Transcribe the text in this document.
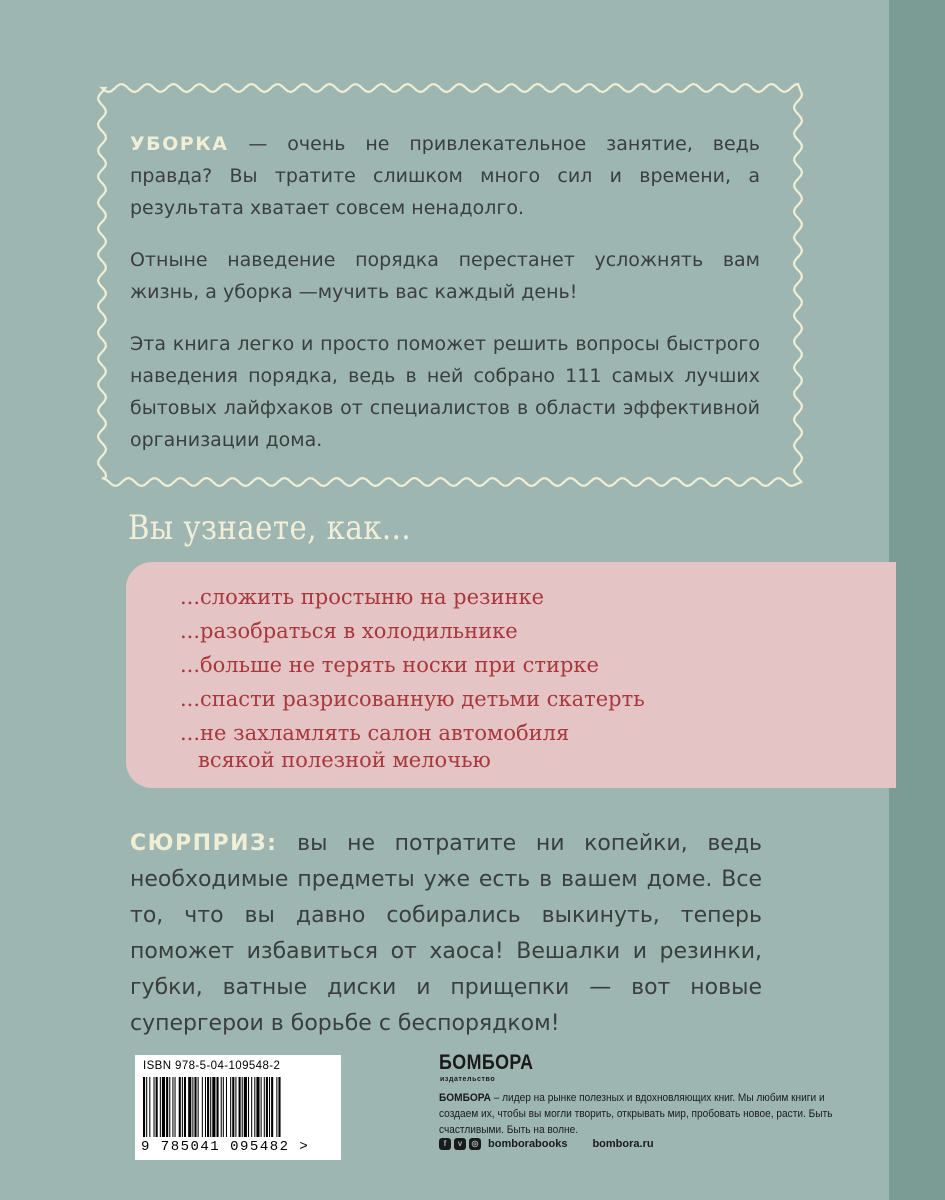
УБОРКА — очень не привлекательное занятие, ведь правда? Вы тратите слишком много сил и времени, а результата хватает совсем ненадолго.

Отныне наведение порядка перестанет усложнять вам жизнь, а уборка —мучить вас каждый день!

Эта книга легко и просто поможет решить вопросы быстрого наведения порядка, ведь в ней собрано 111 самых лучших бытовых лайфхаков от специалистов в области эффективной организации дома.

Вы узнаете, как...
...сложить простыню на резинке
...разобраться в холодильнике
...больше не терять носки при стирке
...спасти разрисованную детьми скатерть
...не захламлять салон автомобиля
всякой полезной мелочью

СЮРПРИЗ: вы не потратите ни копейки, ведь необходимые предметы уже есть в вашем доме. Все то, что вы давно собирались выкинуть, теперь поможет избавиться от хаоса! Вешалки и резинки, губки, ватные диски и прищепки — вот новые супергерои в борьбе с беспорядком!

ISBN 978-5-04-109548-2
9 785041 095482 >
БОМБОРА
издательство
БОМБОРА – лидер на рынке полезных и вдохновляющих книг. Мы любим книги и создаем их, чтобы вы могли творить, открывать мир, пробовать новое, расти. Быть счастливыми. Быть на волне.
f	v	◎ bomborabooks bombora.ru
